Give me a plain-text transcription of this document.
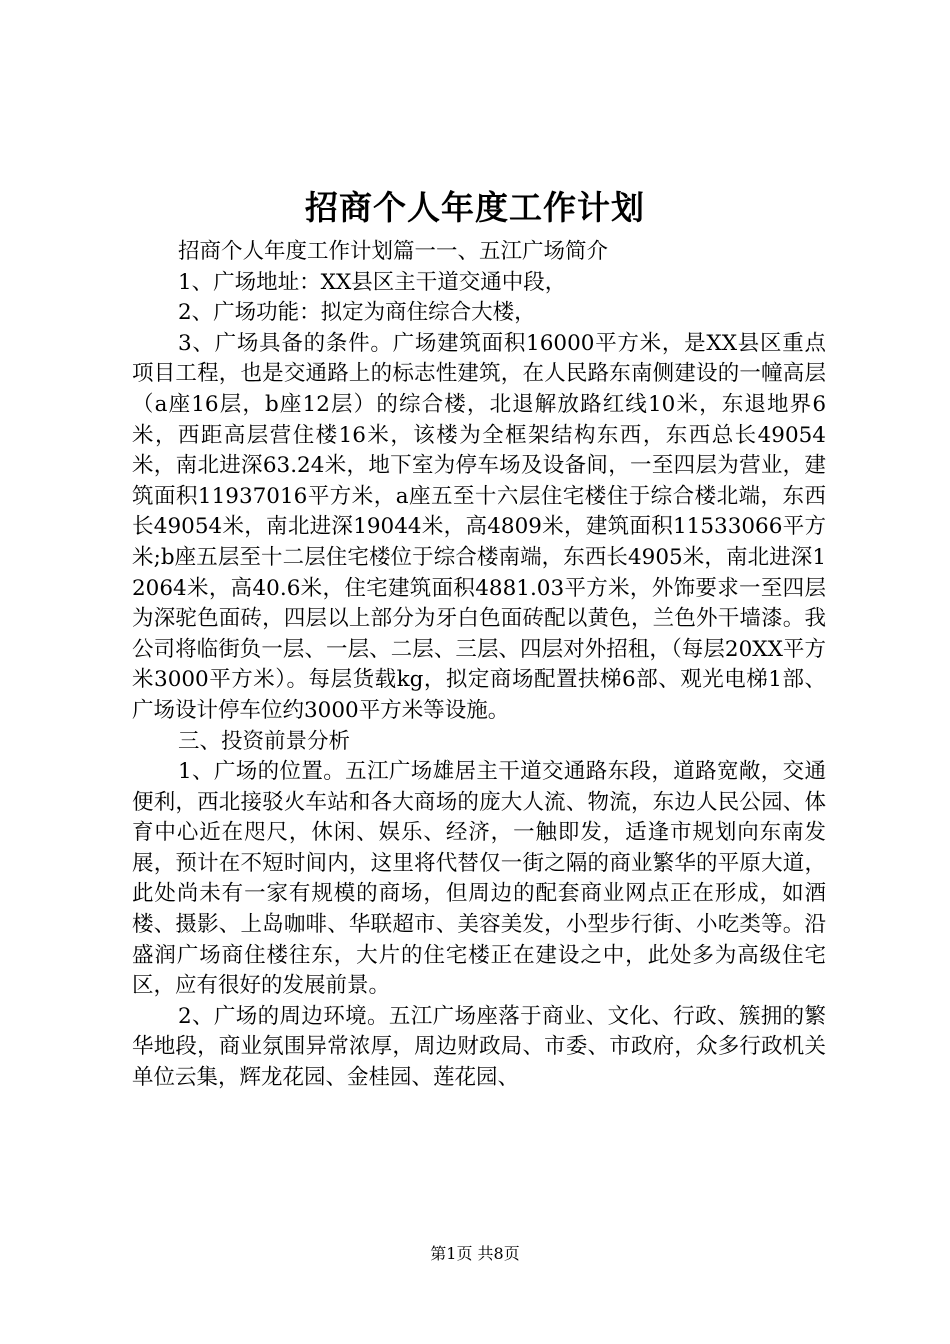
招商个人年度工作计划

招商个人年度工作计划篇一一、五江广场简介

1、广场地址：XX县区主干道交通中段，

2、广场功能：拟定为商住综合大楼，

3、广场具备的条件。广场建筑面积16000平方米，是XX县区重点项目工程，也是交通路上的标志性建筑，在人民路东南侧建设的一幢高层（a座16层，b座12层）的综合楼，北退解放路红线10米，东退地界6米，西距高层营住楼16米，该楼为全框架结构东西，东西总长49054米，南北进深63.24米，地下室为停车场及设备间，一至四层为营业，建筑面积11937016平方米，a座五至十六层住宅楼住于综合楼北端，东西长49054米，南北进深19044米，高4809米，建筑面积11533066平方米;b座五层至十二层住宅楼位于综合楼南端，东西长4905米，南北进深12064米，高40.6米，住宅建筑面积4881.03平方米，外饰要求一至四层为深驼色面砖，四层以上部分为牙白色面砖配以黄色，兰色外干墙漆。我公司将临街负一层、一层、二层、三层、四层对外招租，（每层20XX平方米3000平方米）。每层货载kg，拟定商场配置扶梯6部、观光电梯1部、广场设计停车位约3000平方米等设施。

三、投资前景分析

1、广场的位置。五江广场雄居主干道交通路东段，道路宽敞，交通便利，西北接驳火车站和各大商场的庞大人流、物流，东边人民公园、体育中心近在咫尺，休闲、娱乐、经济，一触即发，适逢市规划向东南发展，预计在不短时间内，这里将代替仅一街之隔的商业繁华的平原大道，此处尚未有一家有规模的商场，但周边的配套商业网点正在形成，如酒楼、摄影、上岛咖啡、华联超市、美容美发，小型步行街、小吃类等。沿盛润广场商住楼往东，大片的住宅楼正在建设之中，此处多为高级住宅区，应有很好的发展前景。

2、广场的周边环境。五江广场座落于商业、文化、行政、簇拥的繁华地段，商业氛围异常浓厚，周边财政局、市委、市政府，众多行政机关单位云集，辉龙花园、金桂园、莲花园、

第1页 共8页
